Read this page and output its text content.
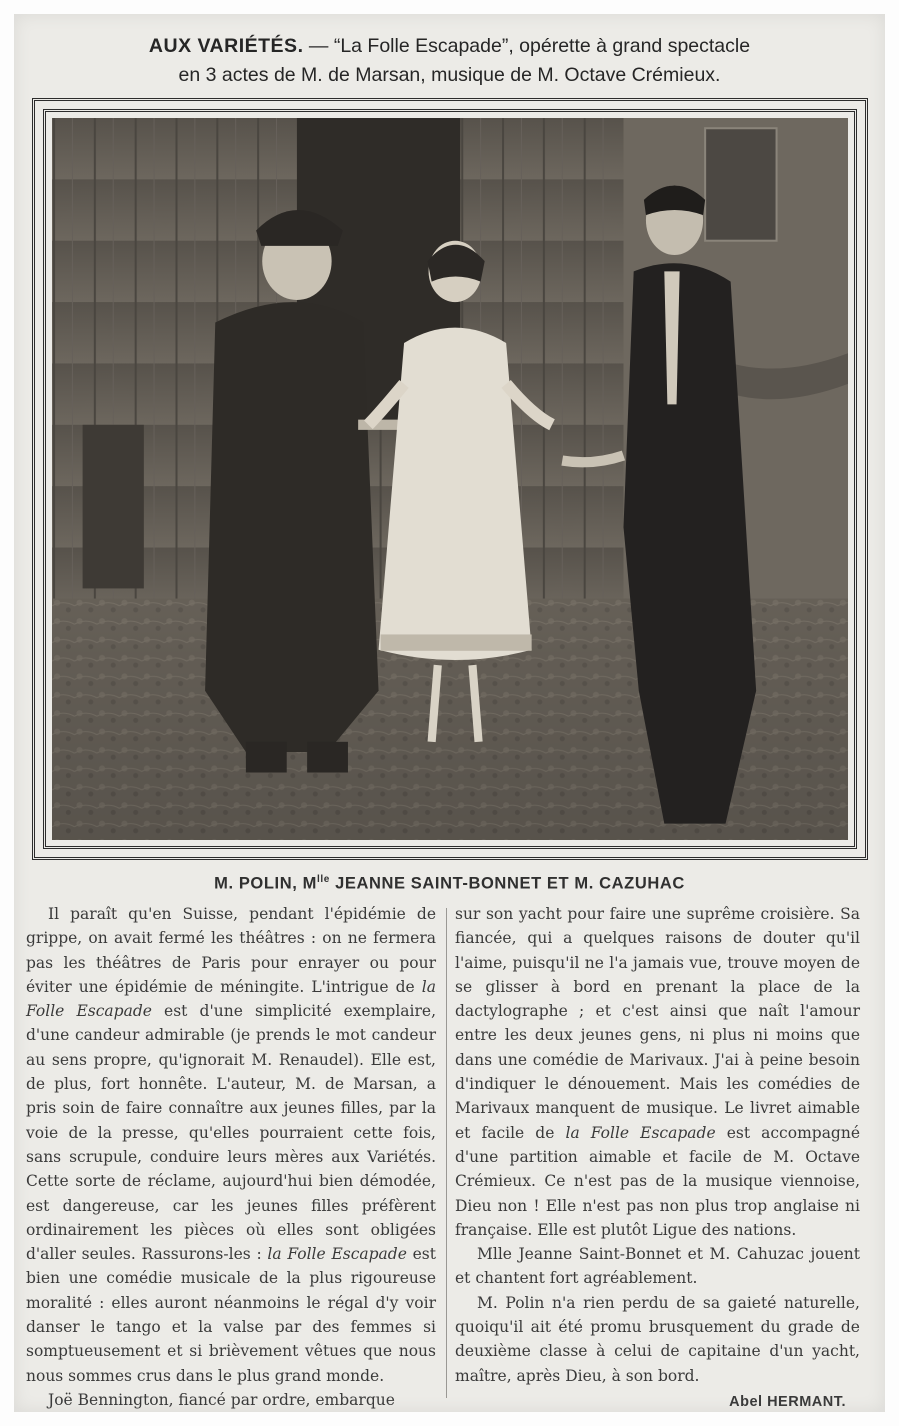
AUX VARIÉTÉS. — “La Folle Escapade”, opérette à grand spectacle
en 3 actes de M. de Marsan, musique de M. Octave Crémieux.
M. POLIN, $M^{lle}$ JEANNE SAINT-BONNET ET M. CAZUHAC

Il paraît qu'en Suisse, pendant l'épidémie de grippe, on avait fermé les théâtres : on ne fermera pas les théâtres de Paris pour enrayer ou pour éviter une épidémie de méningite. L'intrigue de la Folle Escapade est d'une simplicité exemplaire, d'une candeur admirable (je prends le mot candeur au sens propre, qu'ignorait M. Renaudel). Elle est, de plus, fort honnête. L'auteur, M. de Marsan, a pris soin de faire connaître aux jeunes filles, par la voie de la presse, qu'elles pourraient cette fois, sans scrupule, conduire leurs mères aux Variétés. Cette sorte de réclame, aujourd'hui bien démodée, est dangereuse, car les jeunes filles préfèrent ordinairement les pièces où elles sont obligées d'aller seules. Rassurons-les : la Folle Escapade est bien une comédie musicale de la plus rigoureuse moralité : elles auront néanmoins le régal d'y voir danser le tango et la valse par des femmes si somptueusement et si brièvement vêtues que nous nous sommes crus dans le plus grand monde.

Joë Bennington, fiancé par ordre, embarque

sur son yacht pour faire une suprême croisière. Sa fiancée, qui a quelques raisons de douter qu'il l'aime, puisqu'il ne l'a jamais vue, trouve moyen de se glisser à bord en prenant la place de la dactylographe ; et c'est ainsi que naît l'amour entre les deux jeunes gens, ni plus ni moins que dans une comédie de Marivaux. J'ai à peine besoin d'indiquer le dénouement. Mais les comédies de Marivaux manquent de musique. Le livret aimable et facile de la Folle Escapade est accompagné d'une partition aimable et facile de M. Octave Crémieux. Ce n'est pas de la musique viennoise, Dieu non ! Elle n'est pas non plus trop anglaise ni française. Elle est plutôt Ligue des nations.

Mlle Jeanne Saint-Bonnet et M. Cahuzac jouent et chantent fort agréablement.

M. Polin n'a rien perdu de sa gaieté naturelle, quoiqu'il ait été promu brusquement du grade de deuxième classe à celui de capitaine d'un yacht, maître, après Dieu, à son bord.

Abel HERMANT.
